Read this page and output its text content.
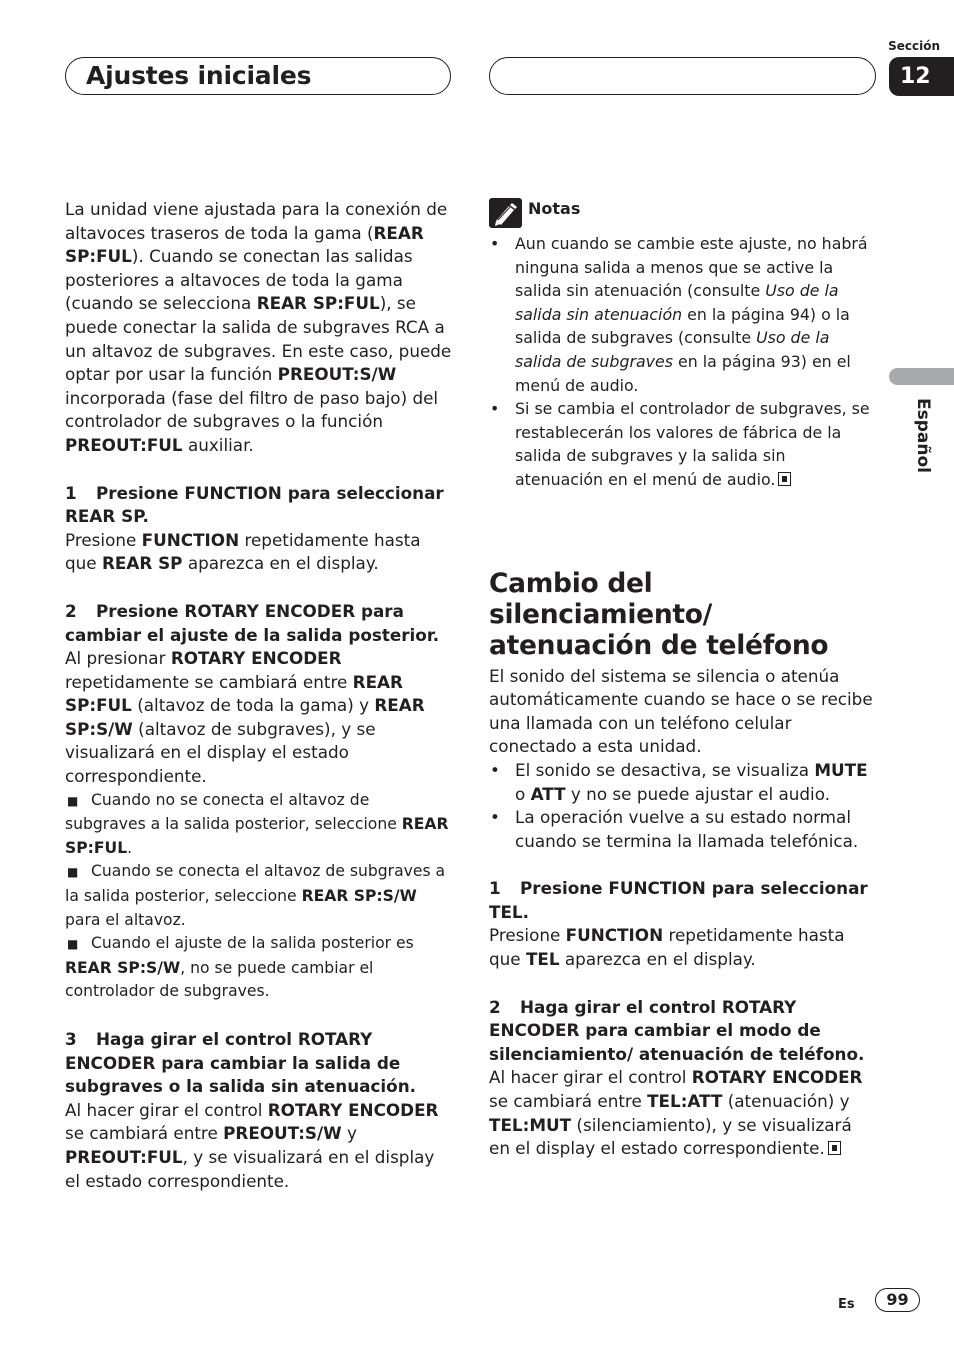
Ajustes iniciales
Sección
12
Español

La unidad viene ajustada para la conexión de altavoces traseros de toda la gama (REAR SP:FUL). Cuando se conectan las salidas posteriores a altavoces de toda la gama (cuando se selecciona REAR SP:FUL), se puede conectar la salida de subgraves RCA a un altavoz de subgraves. En este caso, puede optar por usar la función PREOUT:S/W incorporada (fase del filtro de paso bajo) del controlador de subgraves o la función PREOUT:FUL auxiliar.

1 Presione FUNCTION para seleccionar REAR SP.

Presione FUNCTION repetidamente hasta que REAR SP aparezca en el display.

2 Presione ROTARY ENCODER para cambiar el ajuste de la salida posterior.

Al presionar ROTARY ENCODER repetidamente se cambiará entre REAR SP:FUL (altavoz de toda la gama) y REAR SP:S/W (altavoz de subgraves), y se visualizará en el display el estado correspondiente.

■ Cuando no se conecta el altavoz de subgraves a la salida posterior, seleccione REAR SP:FUL.

■ Cuando se conecta el altavoz de subgraves a la salida posterior, seleccione REAR SP:S/W para el altavoz.

■ Cuando el ajuste de la salida posterior es REAR SP:S/W, no se puede cambiar el controlador de subgraves.

3 Haga girar el control ROTARY ENCODER para cambiar la salida de subgraves o la salida sin atenuación.

Al hacer girar el control ROTARY ENCODER se cambiará entre PREOUT:S/W y PREOUT:FUL, y se visualizará en el display el estado correspondiente.

Notas

• Aun cuando se cambie este ajuste, no habrá ninguna salida a menos que se active la salida sin atenuación (consulte Uso de la salida sin atenuación en la página 94) o la salida de subgraves (consulte Uso de la salida de subgraves en la página 93) en el menú de audio.

• Si se cambia el controlador de subgraves, se restablecerán los valores de fábrica de la salida de subgraves y la salida sin atenuación en el menú de audio.

Cambio del silenciamiento/ atenuación de teléfono

El sonido del sistema se silencia o atenúa automáticamente cuando se hace o se recibe una llamada con un teléfono celular conectado a esta unidad.

• El sonido se desactiva, se visualiza MUTE o ATT y no se puede ajustar el audio.

• La operación vuelve a su estado normal cuando se termina la llamada telefónica.

1 Presione FUNCTION para seleccionar TEL.

Presione FUNCTION repetidamente hasta que TEL aparezca en el display.

2 Haga girar el control ROTARY ENCODER para cambiar el modo de silenciamiento/ atenuación de teléfono.

Al hacer girar el control ROTARY ENCODER se cambiará entre TEL:ATT (atenuación) y TEL:MUT (silenciamiento), y se visualizará en el display el estado correspondiente.

Es	99
